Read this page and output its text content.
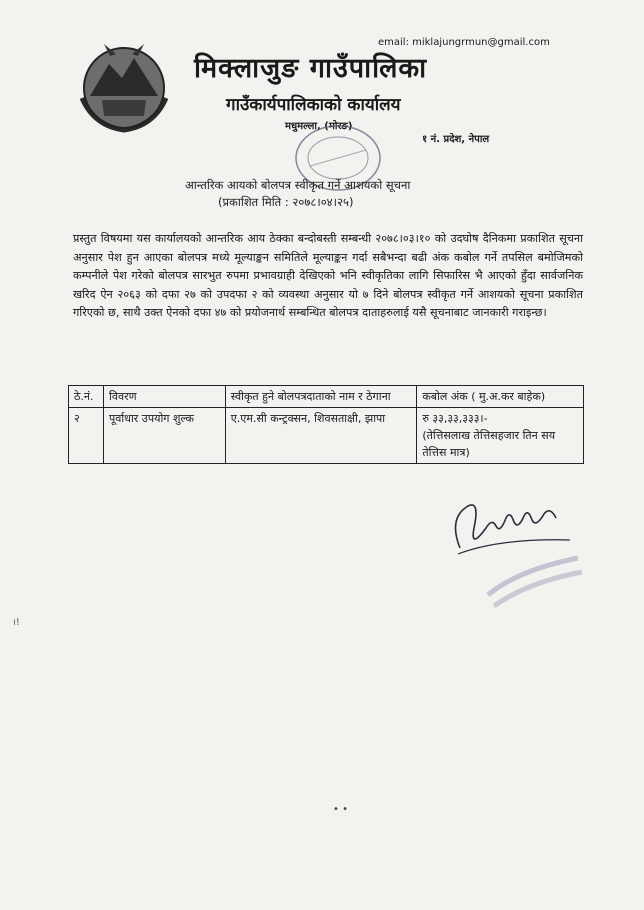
email: miklajungrmun@gmail.com
मिक्लाजुङ गाउँपालिका
गाउँकार्यपालिकाको कार्यालय
मधुमल्ला, (मोरङ)
१ नं. प्रदेश, नेपाल
आन्तरिक आयको बोलपत्र स्वीकृत गर्ने आशयको सूचना
(प्रकाशित मिति : २०७८।०४।२५)
प्रस्तुत विषयमा यस कार्यालयको आन्तरिक आय ठेक्का बन्दोबस्ती सम्बन्धी २०७८।०३।१० को उदघोष दैनिकमा प्रकाशित सूचना अनुसार पेश हुन आएका बोलपत्र मध्ये मूल्याङ्कन समितिले मूल्याङ्कन गर्दा सबैभन्दा बढी अंक कबोल गर्ने तपसिल बमोजिमको कम्पनीले पेश गरेको बोलपत्र सारभुत रुपमा प्रभावग्राही देखिएको भनि स्वीकृतिका लागि सिफारिस भै आएको हुँदा सार्वजनिक खरिद ऐन २०६३ को दफा २७ को उपदफा २ को व्यवस्था अनुसार यो ७ दिने बोलपत्र स्वीकृत गर्ने आशयको सूचना प्रकाशित गरिएको छ, साथै उक्त ऐनको दफा ४७ को प्रयोजनार्थ सम्बन्धित बोलपत्र दाताहरुलाई यसै सूचनाबाट जानकारी गराइन्छ।
ठे.नं.	विवरण	स्वीकृत हुने बोलपत्रदाताको नाम र ठेगाना	कबोल अंक ( मु.अ.कर बाहेक)
२	पूर्वाधार उपयोग शुल्क	ए.एम.सी कन्ट्रक्सन, शिवसताक्षी, झापा	रु ३३,३३,३३३।-
(तेत्तिसलाख तेत्तिसहजार तिन सय तेत्तिस मात्र)
ı!
• •
